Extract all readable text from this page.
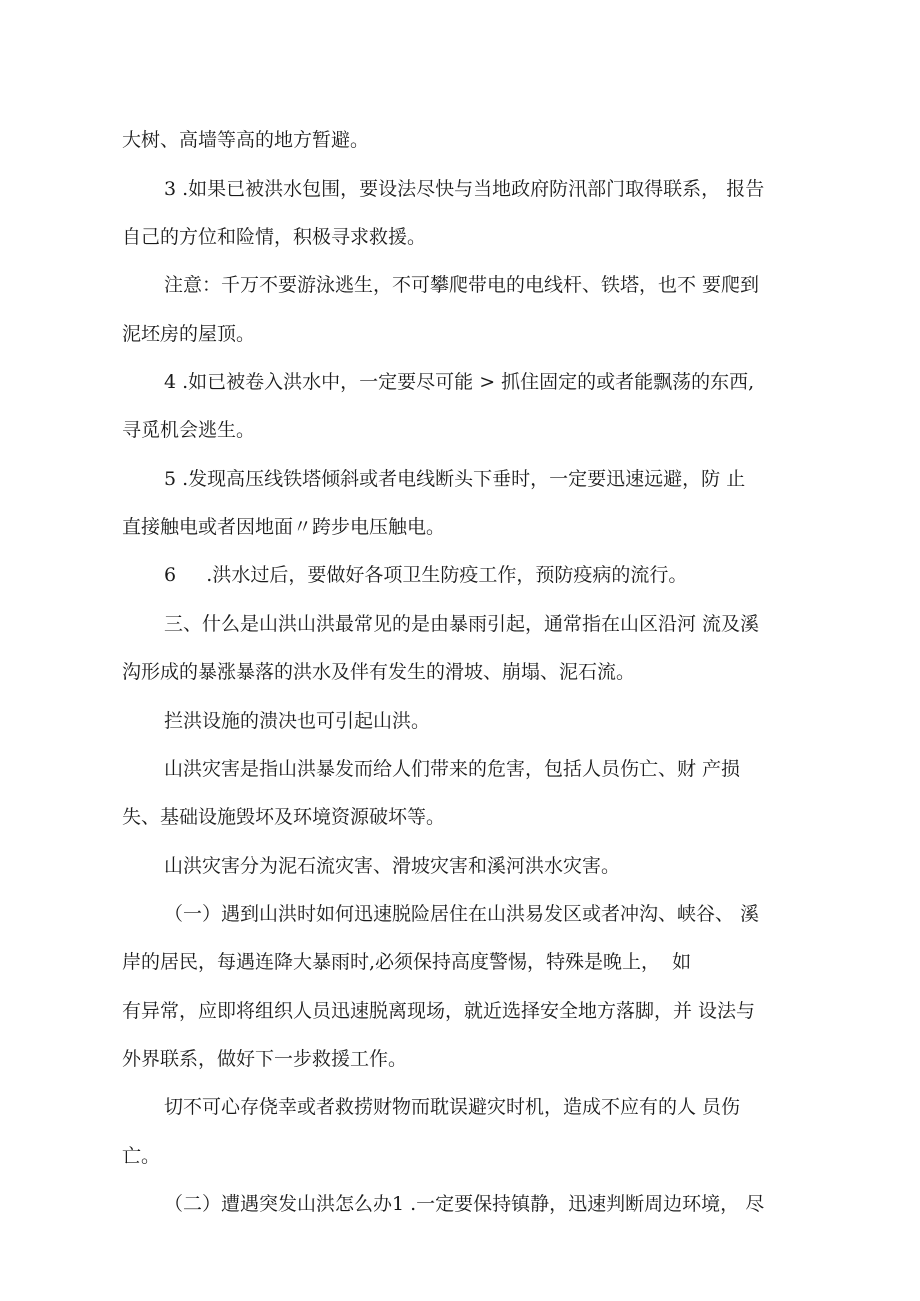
大树、高墙等高的地方暂避。
3 .如果已被洪水包围，要设法尽快与当地政府防汛部门取得联系， 报告
自己的方位和险情，积极寻求救援。
注意：千万不要游泳逃生，不可攀爬带电的电线杆、铁塔，也不 要爬到
泥坯房的屋顶。
4 .如已被卷入洪水中，一定要尽可能 > 抓住固定的或者能飘荡的东西,
寻觅机会逃生。
5 .发现高压线铁塔倾斜或者电线断头下垂时，一定要迅速远避，防 止
直接触电或者因地面〃跨步电压触电。
6     .洪水过后，要做好各项卫生防疫工作，预防疫病的流行。
三、什么是山洪山洪最常见的是由暴雨引起，通常指在山区沿河 流及溪
沟形成的暴涨暴落的洪水及伴有发生的滑坡、崩塌、泥石流。
拦洪设施的溃决也可引起山洪。
山洪灾害是指山洪暴发而给人们带来的危害，包括人员伤亡、财 产损
失、基础设施毁坏及环境资源破坏等。
山洪灾害分为泥石流灾害、滑坡灾害和溪河洪水灾害。
（一）遇到山洪时如何迅速脱险居住在山洪易发区或者冲沟、峡谷、 溪
岸的居民，每遇连降大暴雨时,必须保持高度警惕，特殊是晚上，  如
有异常，应即将组织人员迅速脱离现场，就近选择安全地方落脚，并 设法与
外界联系，做好下一步救援工作。
切不可心存侥幸或者救捞财物而耽误避灾时机，造成不应有的人 员伤
亡。
（二）遭遇突发山洪怎么办1 .一定要保持镇静，迅速判断周边环境， 尽
